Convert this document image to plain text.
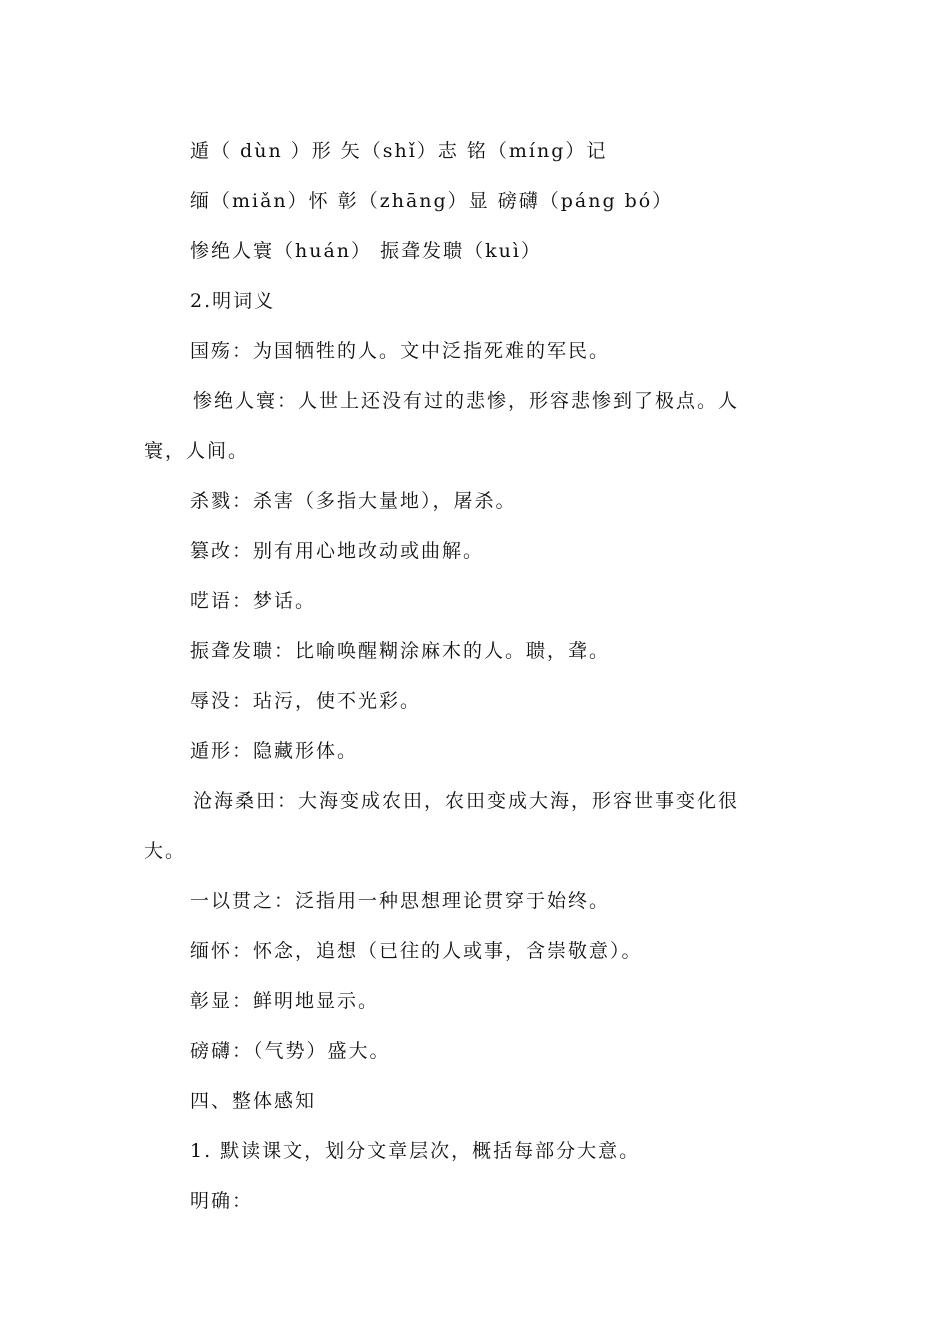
遁（ dùn ）形 矢（shǐ）志 铭（míng）记
缅（miǎn）怀 彰（zhāng）显 磅礴（páng bó）
惨绝人寰（huán） 振聋发聩（kuì）
2.明词义
国殇：为国牺牲的人。文中泛指死难的军民。
惨绝人寰：人世上还没有过的悲惨，形容悲惨到了极点。人
寰，人间。
杀戮：杀害（多指大量地），屠杀。
篡改：别有用心地改动或曲解。
呓语：梦话。
振聋发聩：比喻唤醒糊涂麻木的人。聩，聋。
辱没：玷污，使不光彩。
遁形：隐藏形体。
沧海桑田：大海变成农田，农田变成大海，形容世事变化很
大。
一以贯之：泛指用一种思想理论贯穿于始终。
缅怀：怀念，追想（已往的人或事，含崇敬意）。
彰显：鲜明地显示。
磅礴：（气势）盛大。
四、整体感知
1. 默读课文，划分文章层次，概括每部分大意。
明确：
